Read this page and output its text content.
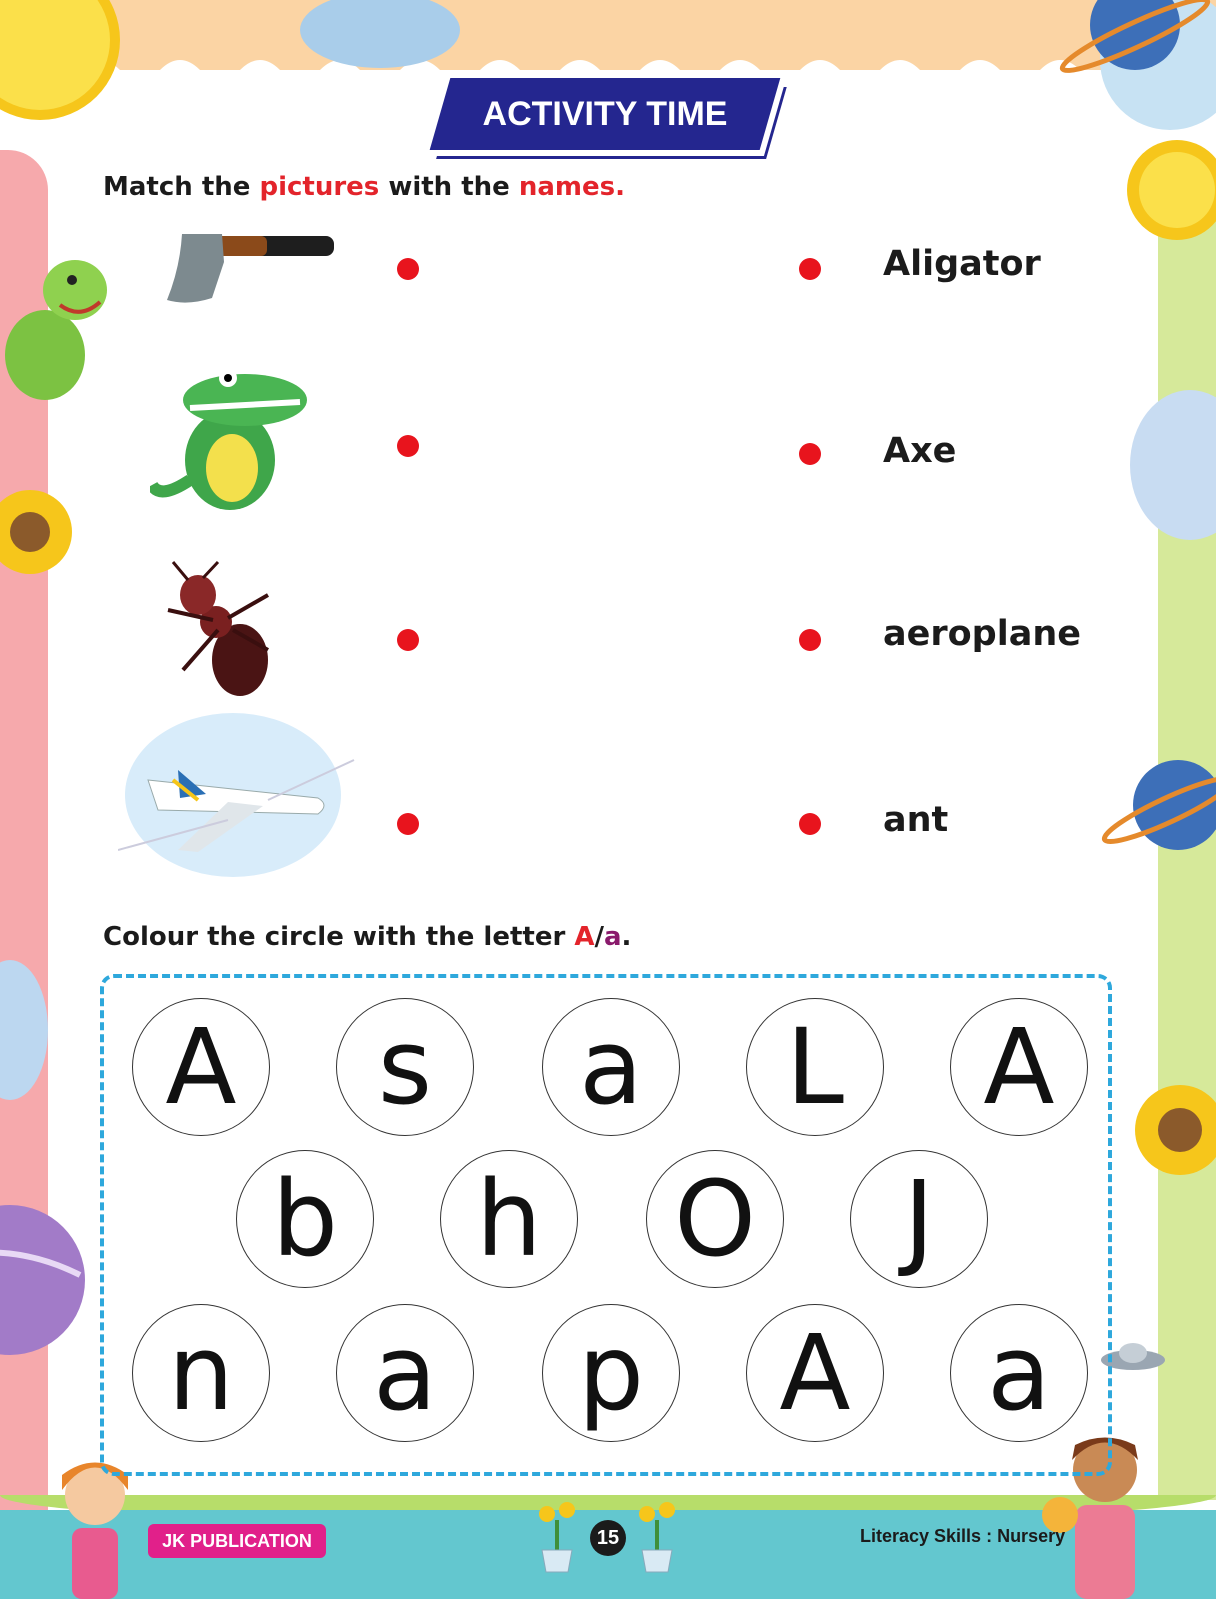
ACTIVITY TIME
Match the pictures with the names.
Aligator
Axe
aeroplane
ant
Colour the circle with the letter A/a.
A	s	a	L	A
b	h	O	J
n	a	p	A	a
JK PUBLICATION	15	Literacy Skills : Nursery
